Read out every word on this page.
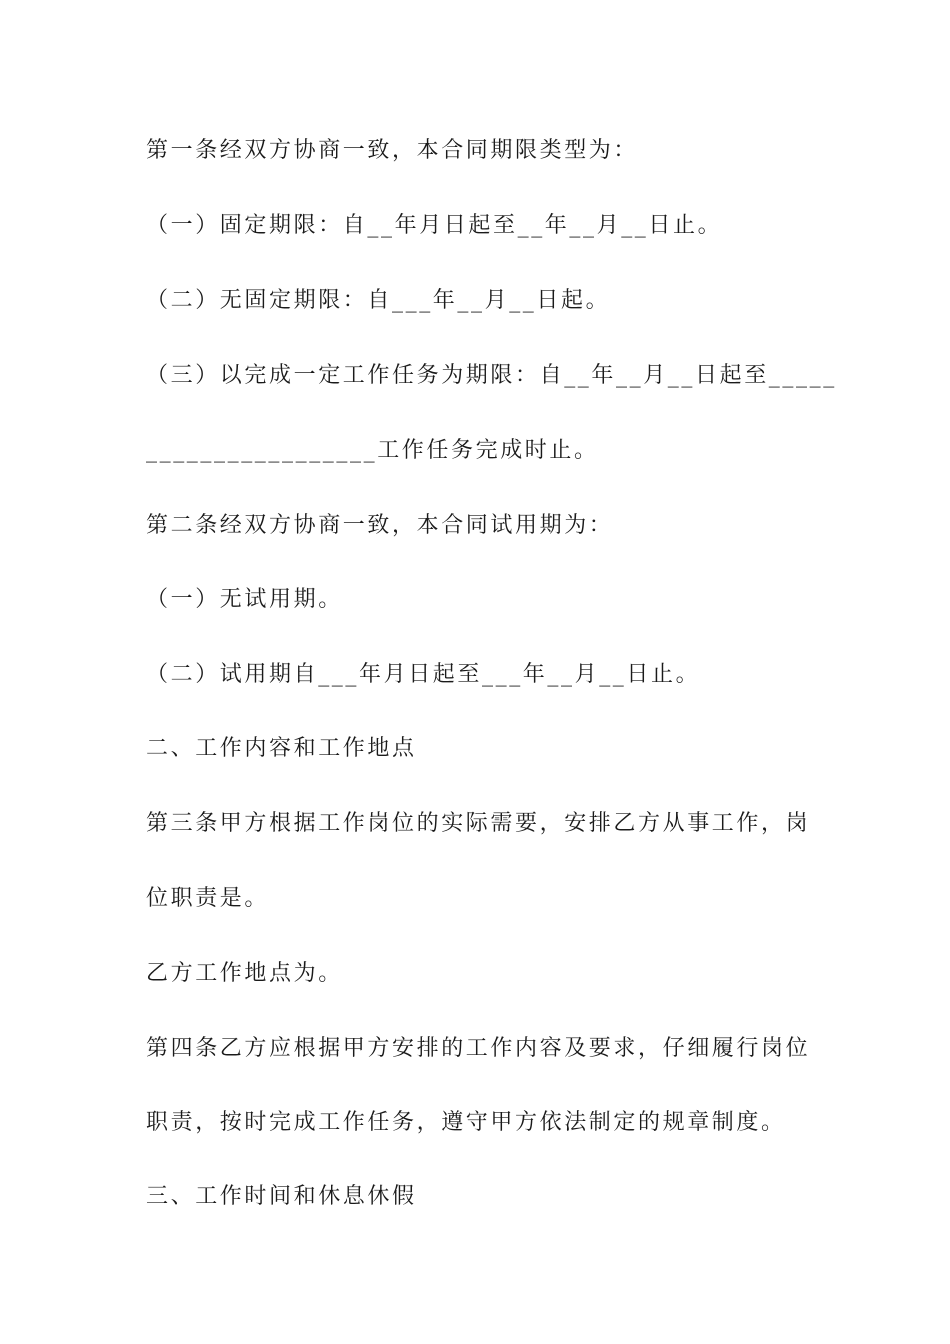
第一条经双方协商一致，本合同期限类型为：
（一）固定期限：自__年月日起至__年__月__日止。
（二）无固定期限：自___年__月__日起。
（三）以完成一定工作任务为期限：自__年__月__日起至_____
_________________工作任务完成时止。
第二条经双方协商一致，本合同试用期为：
（一）无试用期。
（二）试用期自___年月日起至___年__月__日止。
二、工作内容和工作地点
第三条甲方根据工作岗位的实际需要，安排乙方从事工作，岗
位职责是。
乙方工作地点为。
第四条乙方应根据甲方安排的工作内容及要求，仔细履行岗位
职责，按时完成工作任务，遵守甲方依法制定的规章制度。
三、工作时间和休息休假
